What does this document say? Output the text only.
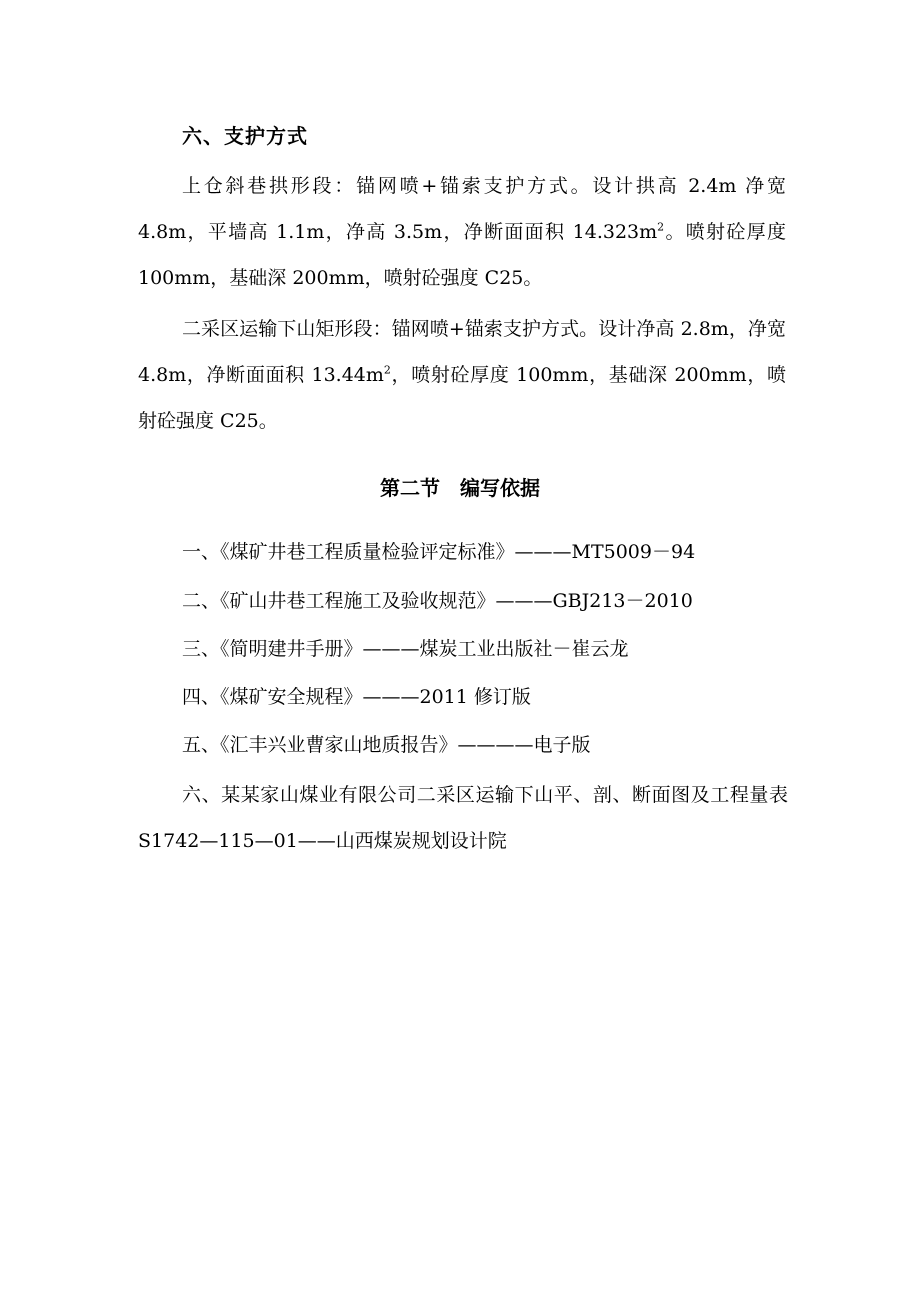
六、支护方式
上仓斜巷拱形段：锚网喷+锚索支护方式。设计拱高 2.4m 净宽 4.8m，平墙高 1.1m，净高 3.5m，净断面面积 $14.323m^2$。喷射砼厚度 100mm，基础深 200mm，喷射砼强度 C25。
二采区运输下山矩形段：锚网喷+锚索支护方式。设计净高 2.8m，净宽 4.8m，净断面面积 $13.44m^2$，喷射砼厚度 100mm，基础深 200mm，喷射砼强度 C25。
第二节　编写依据
一、《煤矿井巷工程质量检验评定标准》———MT5009－94
二、《矿山井巷工程施工及验收规范》———GBJ213－2010
三、《简明建井手册》———煤炭工业出版社－崔云龙
四、《煤矿安全规程》———2011 修订版
五、《汇丰兴业曹家山地质报告》————电子版
六、某某家山煤业有限公司二采区运输下山平、剖、断面图及工程量表 S1742—115—01——山西煤炭规划设计院
